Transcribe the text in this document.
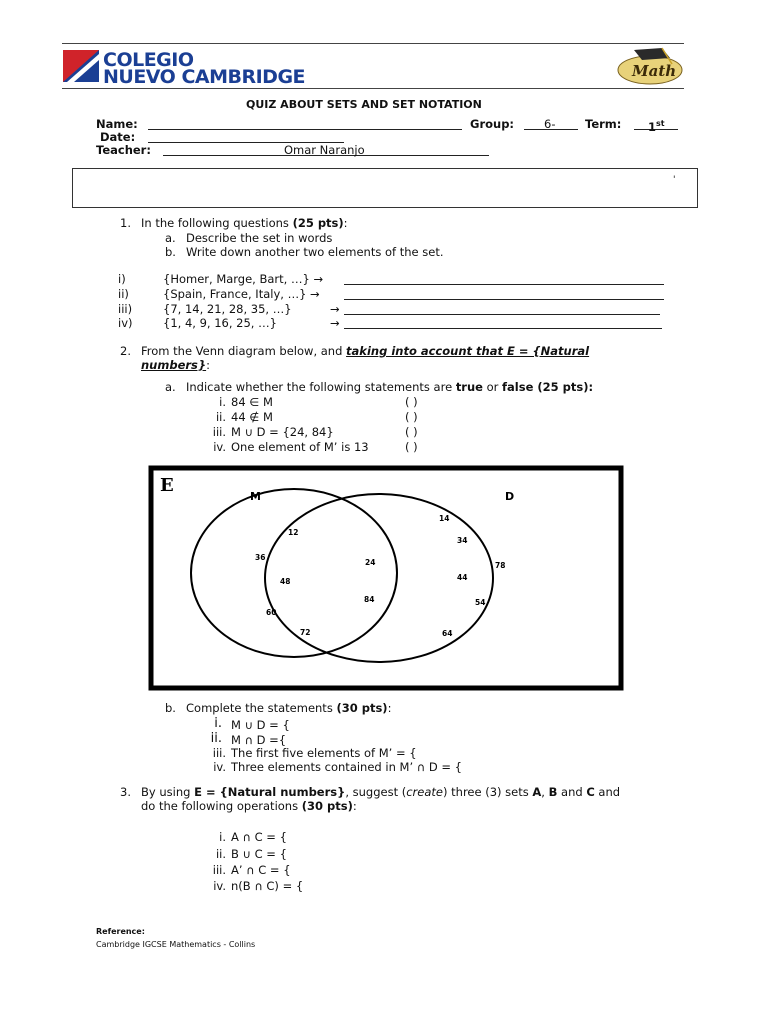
COLEGIO
NUEVO CAMBRIDGE	Math
QUIZ ABOUT SETS AND SET NOTATION
Name:	Group:	6-	Term: 1st
Date:
Teacher:	Omar Naranjo
'
1. In the following questions (25 pts):
a. Describe the set in words
b. Write down another two elements of the set.
i)	{Homer, Marge, Bart, …} →
ii)	{Spain, France, Italy, …} →
iii)	{7, 14, 21, 28, 35, …}	→
iv)	{1, 4, 9, 16, 25, …}	→
2. From the Venn diagram below, and taking into account that E = {Natural
numbers}:
a. Indicate whether the following statements are true or false (25 pts):
i. 84 ∈ M	( )
ii. 44 ∉ M	( )
iii. M ∪ D = {24, 84}	( )
iv. One element of M’ is 13	( )
E
M	D
12
36
48
60
72
24
84
14
34
78
44
54
64
b. Complete the statements (30 pts):
i. M ∪ D = {
ii. M ∩ D ={
iii. The first five elements of M’ = {
iv. Three elements contained in M’ ∩ D = {
3. By using E = {Natural numbers}, suggest (create) three (3) sets A, B and C and
do the following operations (30 pts):
i. A ∩ C = {
ii. B ∪ C = {
iii. A’ ∩ C = {
iv. n(B ∩ C) = {
Reference:
Cambridge IGCSE Mathematics - Collins
